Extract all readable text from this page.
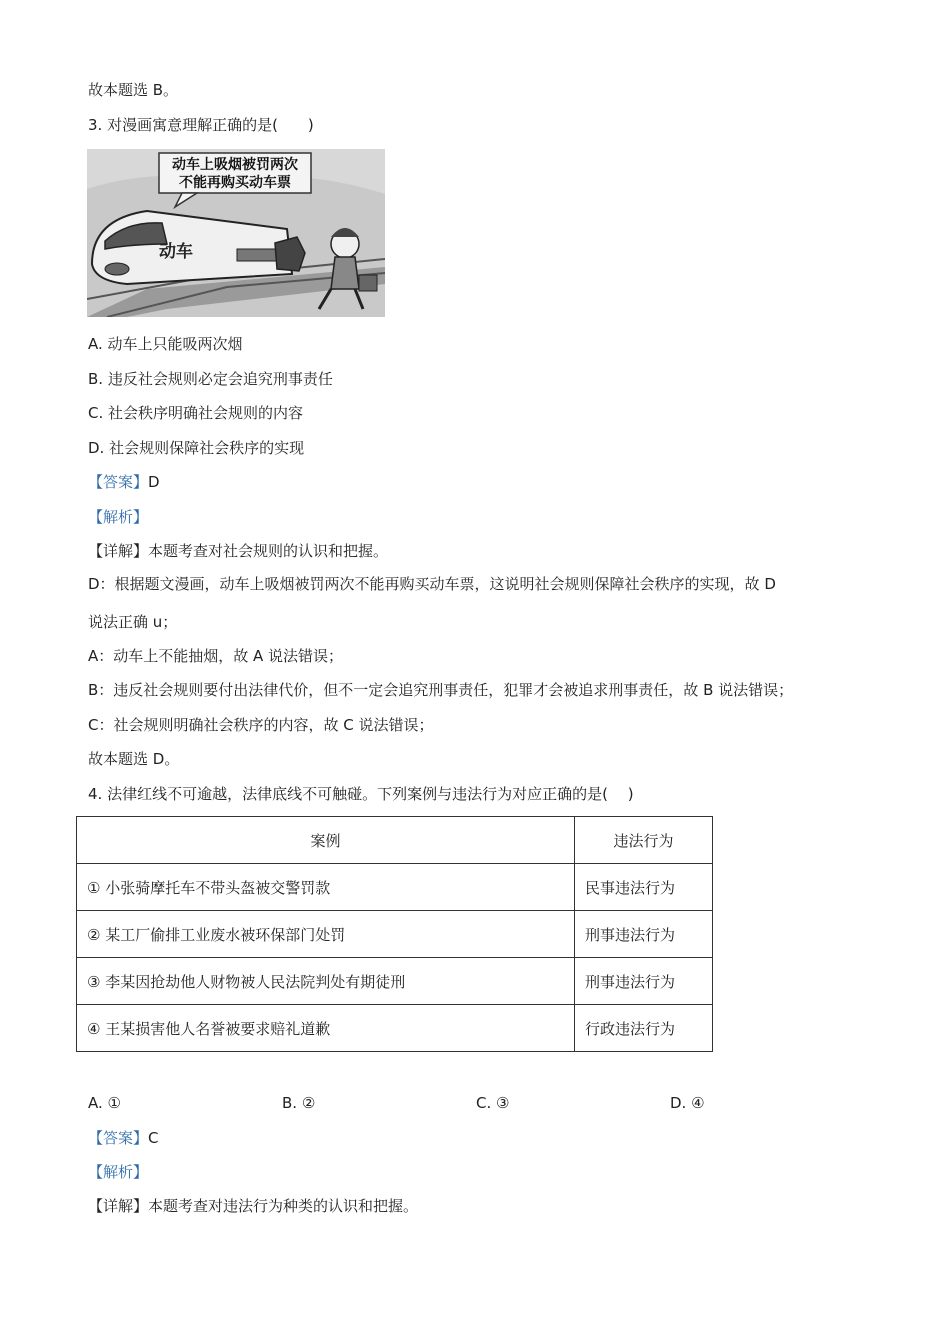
故本题选 B。
3. 对漫画寓意理解正确的是(　　)
动车上吸烟被罚两次
不能再购买动车票
动车
A. 动车上只能吸两次烟
B. 违反社会规则必定会追究刑事责任
C. 社会秩序明确社会规则的内容
D. 社会规则保障社会秩序的实现
【答案】D
【解析】
【详解】本题考查对社会规则的认识和把握。
D：根据题文漫画，动车上吸烟被罚两次不能再购买动车票，这说明社会规则保障社会秩序的实现，故 D
说法正确 u；
A：动车上不能抽烟，故 A 说法错误；
B：违反社会规则要付出法律代价，但不一定会追究刑事责任，犯罪才会被追求刑事责任，故 B 说法错误；
C：社会规则明确社会秩序的内容，故 C 说法错误；
故本题选 D。
4. 法律红线不可逾越，法律底线不可触碰。下列案例与违法行为对应正确的是(　 )
案例	违法行为
① 小张骑摩托车不带头盔被交警罚款	民事违法行为
② 某工厂偷排工业废水被环保部门处罚	刑事违法行为
③ 李某因抢劫他人财物被人民法院判处有期徒刑	刑事违法行为
④ 王某损害他人名誉被要求赔礼道歉	行政违法行为
A. ①	B. ②	C. ③	D. ④
【答案】C
【解析】
【详解】本题考查对违法行为种类的认识和把握。
